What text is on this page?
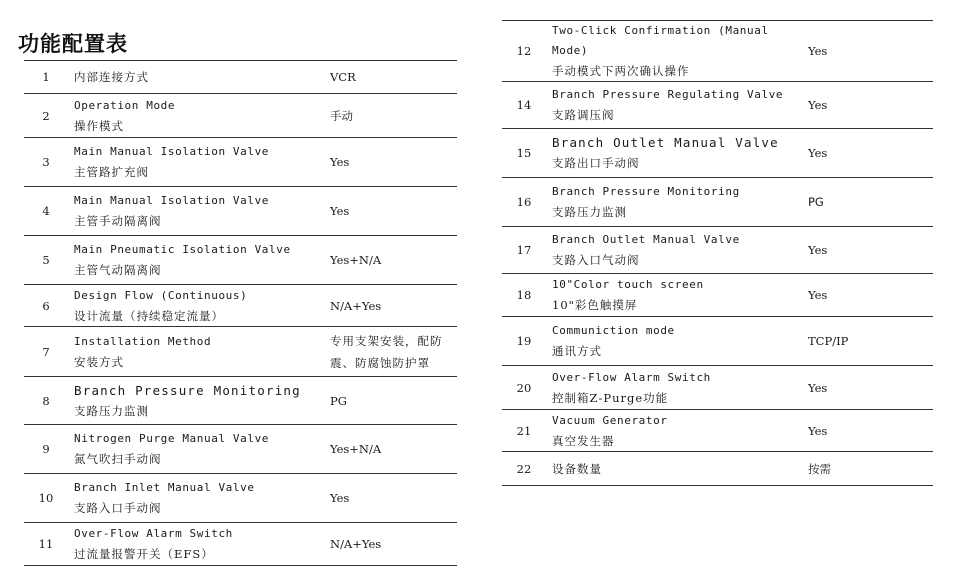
功能配置表
1	内部连接方式	VCR
2	Operation Mode
操作模式	手动
3	Main Manual Isolation Valve
主管路扩充阀	Yes
4	Main Manual Isolation Valve
主管手动隔离阀	Yes
5	Main Pneumatic Isolation Valve
主管气动隔离阀	Yes+N/A
6	Design Flow (Continuous)
设计流量（持续稳定流量）	N/A+Yes
7	Installation Method
安装方式	专用支架安装，配防震、防腐蚀防护罩

8	Branch Pressure Monitoring
支路压力监测	PG
9	Nitrogen Purge Manual Valve
氮气吹扫手动阀	Yes+N/A
10	Branch Inlet Manual Valve
支路入口手动阀	Yes
11	Over-Flow Alarm Switch
过流量报警开关（EFS）	N/A+Yes
12	Two-Click Confirmation (Manual Mode)
手动模式下两次确认操作	Yes
14	Branch Pressure Regulating Valve
支路调压阀	Yes
15	Branch Outlet Manual Valve
支路出口手动阀	Yes
16	Branch Pressure Monitoring
支路压力监测	PG
17	Branch Outlet Manual Valve
支路入口气动阀	Yes
18	10"Color touch screen
10"彩色触摸屏	Yes
19	Communiction mode
通讯方式	TCP/IP
20	Over-Flow Alarm Switch
控制箱Z-Purge功能	Yes
21	Vacuum Generator
真空发生器	Yes
22	设备数量	按需
